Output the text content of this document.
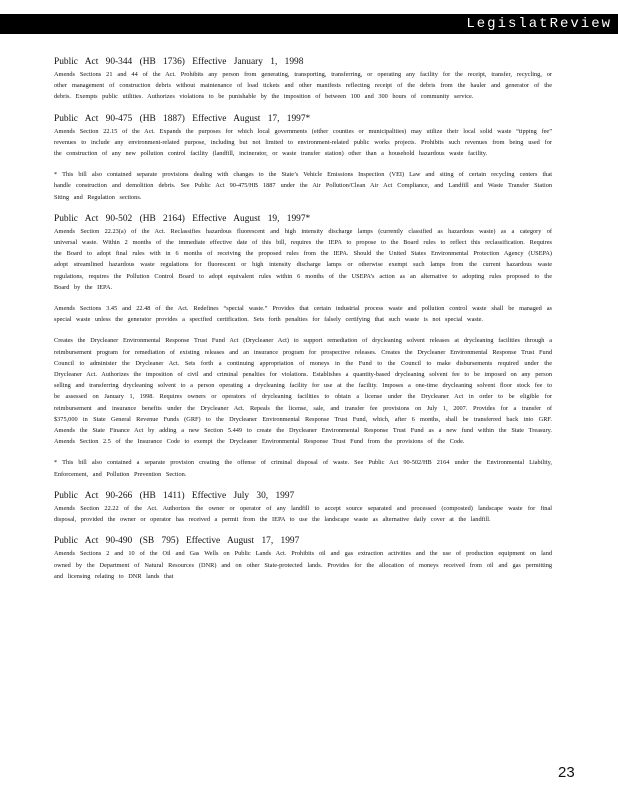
LegislatReview

Public Act 90-344 (HB 1736) Effective January 1, 1998

Amends Sections 21 and 44 of the Act. Prohibits any person from generating, transporting, transferring, or operating any facility for the receipt, transfer, recycling, or other management of construction debris without maintenance of load tickets and other manifests reflecting receipt of the debris from the hauler and generator of the debris. Exempts public utilities. Authorizes violations to be punishable by the imposition of between 100 and 300 hours of community service.

Public Act 90-475 (HB 1887) Effective August 17, 1997*

Amends Section 22.15 of the Act. Expands the purposes for which local governments (either counties or municipalities) may utilize their local solid waste “tipping fee” revenues to include any environment-related purpose, including but not limited to environment-related public works projects. Prohibits such revenues from being used for the construction of any new pollution control facility (landfill, incinerator, or waste transfer station) other than a household hazardous waste facility.

* This bill also contained separate provisions dealing with changes to the State’s Vehicle Emissions Inspection (VEI) Law and siting of certain recycling centers that handle construction and demolition debris. See Public Act 90-475/HB 1887 under the Air Pollution/Clean Air Act Compliance, and Landfill and Waste Transfer Station Siting and Regulation sections.

Public Act 90-502 (HB 2164) Effective August 19, 1997*

Amends Section 22.23(a) of the Act. Reclassifies hazardous fluorescent and high intensity discharge lamps (currently classified as hazardous waste) as a category of universal waste. Within 2 months of the immediate effective date of this bill, requires the IEPA to propose to the Board rules to reflect this reclassification. Requires the Board to adopt final rules with in 6 months of receiving the proposed rules from the IEPA. Should the United States Environmental Protection Agency (USEPA) adopt streamlined hazardous waste regulations for fluorescent or high intensity discharge lamps or otherwise exempt such lamps from the current hazardous waste regulations, requires the Pollution Control Board to adopt equivalent rules within 6 months of the USEPA’s action as an alternative to adopting rules proposed to the Board by the IEPA.

Amends Sections 3.45 and 22.48 of the Act. Redefines “special waste.” Provides that certain industrial process waste and pollution control waste shall be managed as special waste unless the generator provides a specified certification. Sets forth penalties for falsely certifying that such waste is not special waste.

Creates the Drycleaner Environmental Response Trust Fund Act (Drycleaner Act) to support remediation of drycleaning solvent releases at drycleaning facilities through a reimbursement program for remediation of existing releases and an insurance program for prospective releases. Creates the Drycleaner Environmental Response Trust Fund Council to administer the Drycleaner Act. Sets forth a continuing appropriation of moneys in the Fund to the Council to make disbursements required under the Drycleaner Act. Authorizes the imposition of civil and criminal penalties for violations. Establishes a quantity-based drycleaning solvent fee to be imposed on any person selling and transferring drycleaning solvent to a person operating a drycleaning facility for use at the facility. Imposes a one-time drycleaning solvent floor stock fee to be assessed on January 1, 1998. Requires owners or operators of drycleaning facilities to obtain a license under the Drycleaner Act in order to be eligible for reimbursement and insurance benefits under the Drycleaner Act. Repeals the license, sale, and transfer fee provisions on July 1, 2007. Provides for a transfer of $375,000 in State General Revenue Funds (GRF) to the Drycleaner Environmental Response Trust Fund, which, after 6 months, shall be transferred back into GRF. Amends the State Finance Act by adding a new Section 5.449 to create the Drycleaner Environmental Response Trust Fund as a new fund within the State Treasury. Amends Section 2.5 of the Insurance Code to exempt the Drycleaner Environmental Response Trust Fund from the provisions of the Code.

* This bill also contained a separate provision creating the offense of criminal disposal of waste. See Public Act 90-502/HB 2164 under the Environmental Liability, Enforcement, and Pollution Prevention Section.

Public Act 90-266 (HB 1411) Effective July 30, 1997

Amends Section 22.22 of the Act. Authorizes the owner or operator of any landfill to accept source separated and processed (composted) landscape waste for final disposal, provided the owner or operator has received a permit from the IEPA to use the landscape waste as alternative daily cover at the landfill.

Public Act 90-490 (SB 795) Effective August 17, 1997

Amends Sections 2 and 10 of the Oil and Gas Wells on Public Lands Act. Prohibits oil and gas extraction activities and the use of production equipment on land owned by the Department of Natural Resources (DNR) and on other State-protected lands. Provides for the allocation of moneys received from oil and gas permitting and licensing relating to DNR lands that

23
